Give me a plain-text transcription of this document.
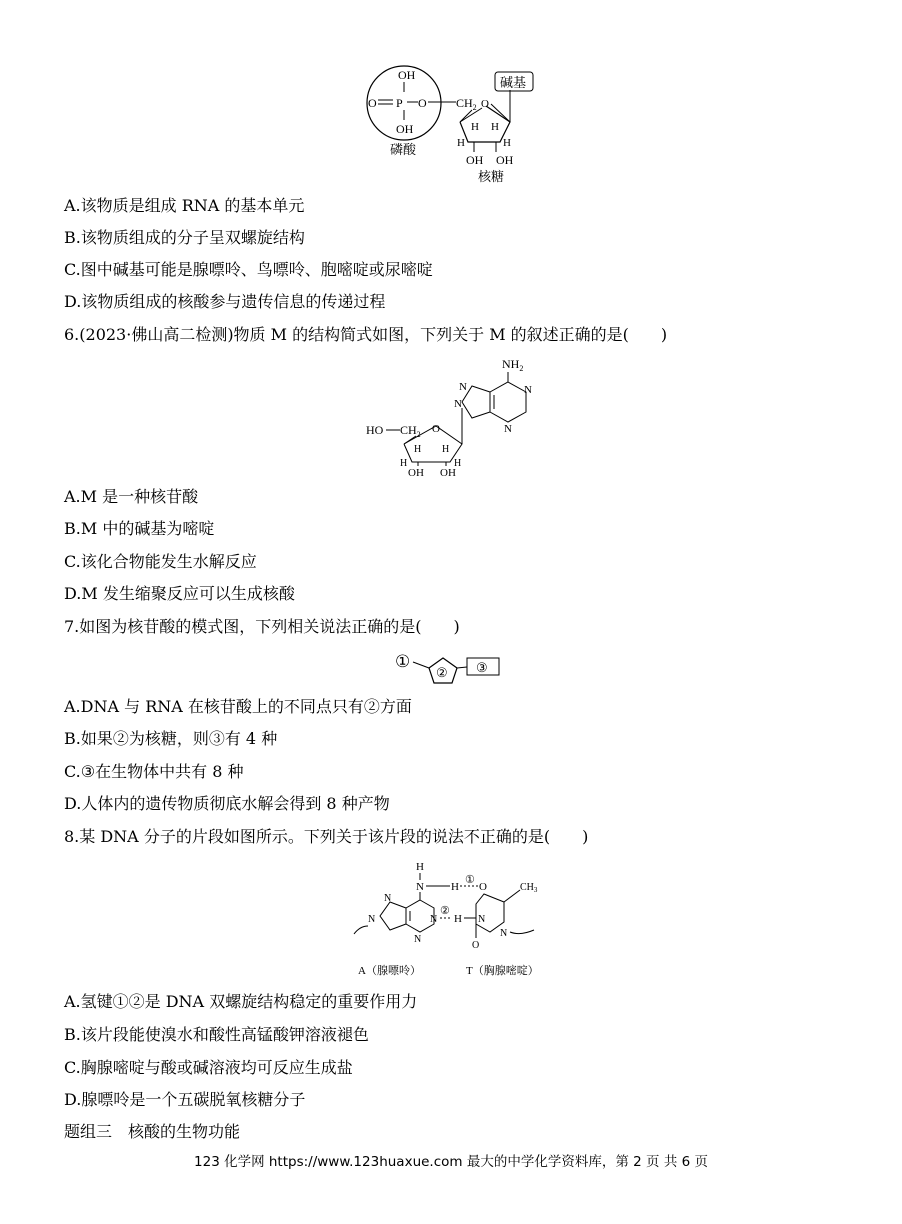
OH
O P O $CH_2$
OH
O
碱基
H H
H	H
OH OH
磷酸
核糖
A.该物质是组成 RNA 的基本单元
B.该物质组成的分子呈双螺旋结构
C.图中碱基可能是腺嘌呤、鸟嘌呤、胞嘧啶或尿嘧啶
D.该物质组成的核酸参与遗传信息的传递过程
6.(2023·佛山高二检测)物质 M 的结构简式如图，下列关于 M 的叙述正确的是(　　)
$NH_2$
N
N
N
N
HO $CH_2$ O
H H
H	H
OH OH
A.M 是一种核苷酸
B.M 中的碱基为嘧啶
C.该化合物能发生水解反应
D.M 发生缩聚反应可以生成核酸
7.如图为核苷酸的模式图，下列相关说法正确的是(　　)
①
② ③
A.DNA 与 RNA 在核苷酸上的不同点只有②方面
B.如果②为核糖，则③有 4 种
C.③在生物体中共有 8 种
D.人体内的遗传物质彻底水解会得到 8 种产物
8.某 DNA 分子的片段如图所示。下列关于该片段的说法不正确的是(　　)
H
N H
①
O	$CH_3$
N
N
N
N
②
H N
O
N
A（腺嘌呤）	T（胸腺嘧啶）
A.氢键①②是 DNA 双螺旋结构稳定的重要作用力
B.该片段能使溴水和酸性高锰酸钾溶液褪色
C.胸腺嘧啶与酸或碱溶液均可反应生成盐
D.腺嘌呤是一个五碳脱氧核糖分子
题组三　核酸的生物功能
123 化学网 https://www.123huaxue.com 最大的中学化学资料库，第 2 页 共 6 页
